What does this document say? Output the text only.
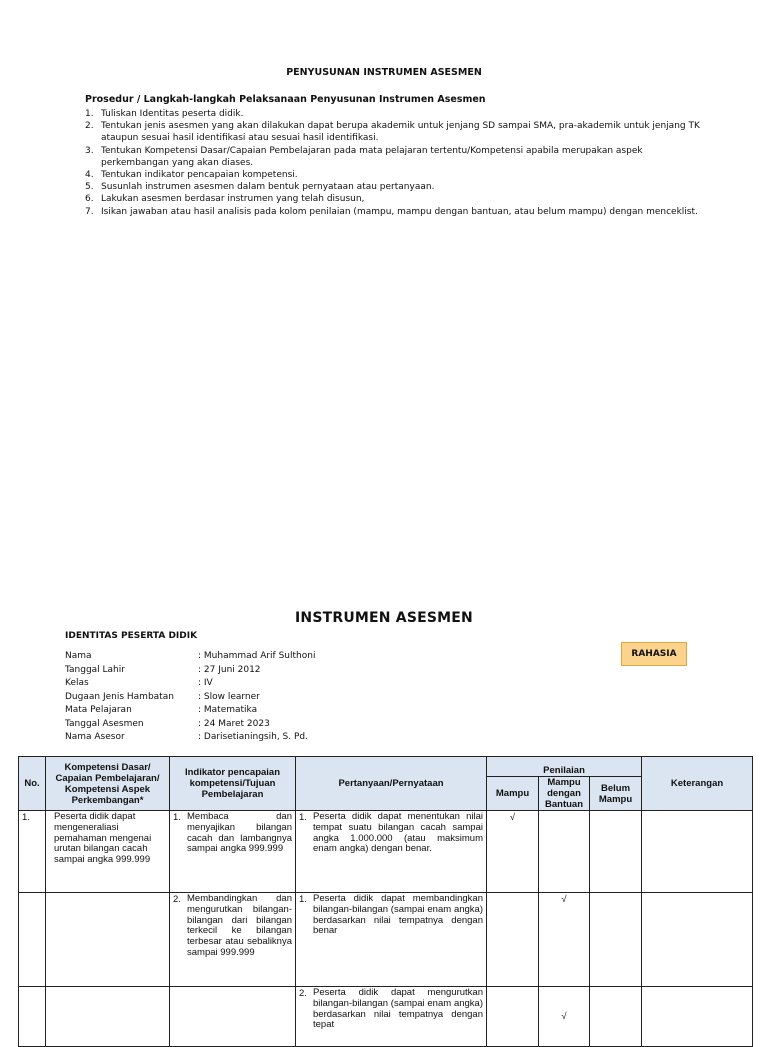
PENYUSUNAN INSTRUMEN ASESMEN
Prosedur / Langkah-langkah Pelaksanaan Penyusunan Instrumen Asesmen
1. Tuliskan Identitas peserta didik.
2. Tentukan jenis asesmen yang akan dilakukan dapat berupa akademik untuk jenjang SD sampai SMA, pra-akademik untuk jenjang TK ataupun sesuai hasil identifikasi atau sesuai hasil identifikasi.
3. Tentukan Kompetensi Dasar/Capaian Pembelajaran pada mata pelajaran tertentu/Kompetensi apabila merupakan aspek perkembangan yang akan diases.
4. Tentukan indikator pencapaian kompetensi.
5. Susunlah instrumen asesmen dalam bentuk pernyataan atau pertanyaan.
6. Lakukan asesmen berdasar instrumen yang telah disusun,
7. Isikan jawaban atau hasil analisis pada kolom penilaian (mampu, mampu dengan bantuan, atau belum mampu) dengan menceklist.
INSTRUMEN ASESMEN
IDENTITAS PESERTA DIDIK
RAHASIA
Nama	: Muhammad Arif Sulthoni
Tanggal Lahir	: 27 Juni 2012
Kelas	: IV
Dugaan Jenis Hambatan	: Slow learner
Mata Pelajaran	: Matematika
Tanggal Asesmen	: 24 Maret 2023
Nama Asesor	: Darisetianingsih, S. Pd.
No.	Kompetensi Dasar/ Capaian Pembelajaran/ Kompetensi Aspek Perkembangan*	Indikator pencapaian kompetensi/Tujuan Pembelajaran	Pertanyaan/Pernyataan	Penilaian			Keterangan
				Mampu	Mampu dengan Bantuan	Belum Mampu	
1.	Peserta didik dapat mengeneraliasi pemahaman mengenai urutan bilangan cacah sampai angka 999.999	1. Membaca dan menyajikan bilangan cacah dan lambangnya sampai angka 999.999	1. Peserta didik dapat menentukan nilai tempat suatu bilangan cacah sampai angka 1.000.000 (atau maksimum enam angka) dengan benar.	√			

		2. Membandingkan dan mengurutkan bilangan-bilangan dari bilangan terkecil ke bilangan terbesar atau sebaliknya sampai 999.999	1. Peserta didik dapat membandingkan bilangan-bilangan (sampai enam angka) berdasarkan nilai tempatnya dengan benar		√		

			2. Peserta didik dapat mengurutkan bilangan-bilangan (sampai enam angka) berdasarkan nilai tempatnya dengan tepat		√		
